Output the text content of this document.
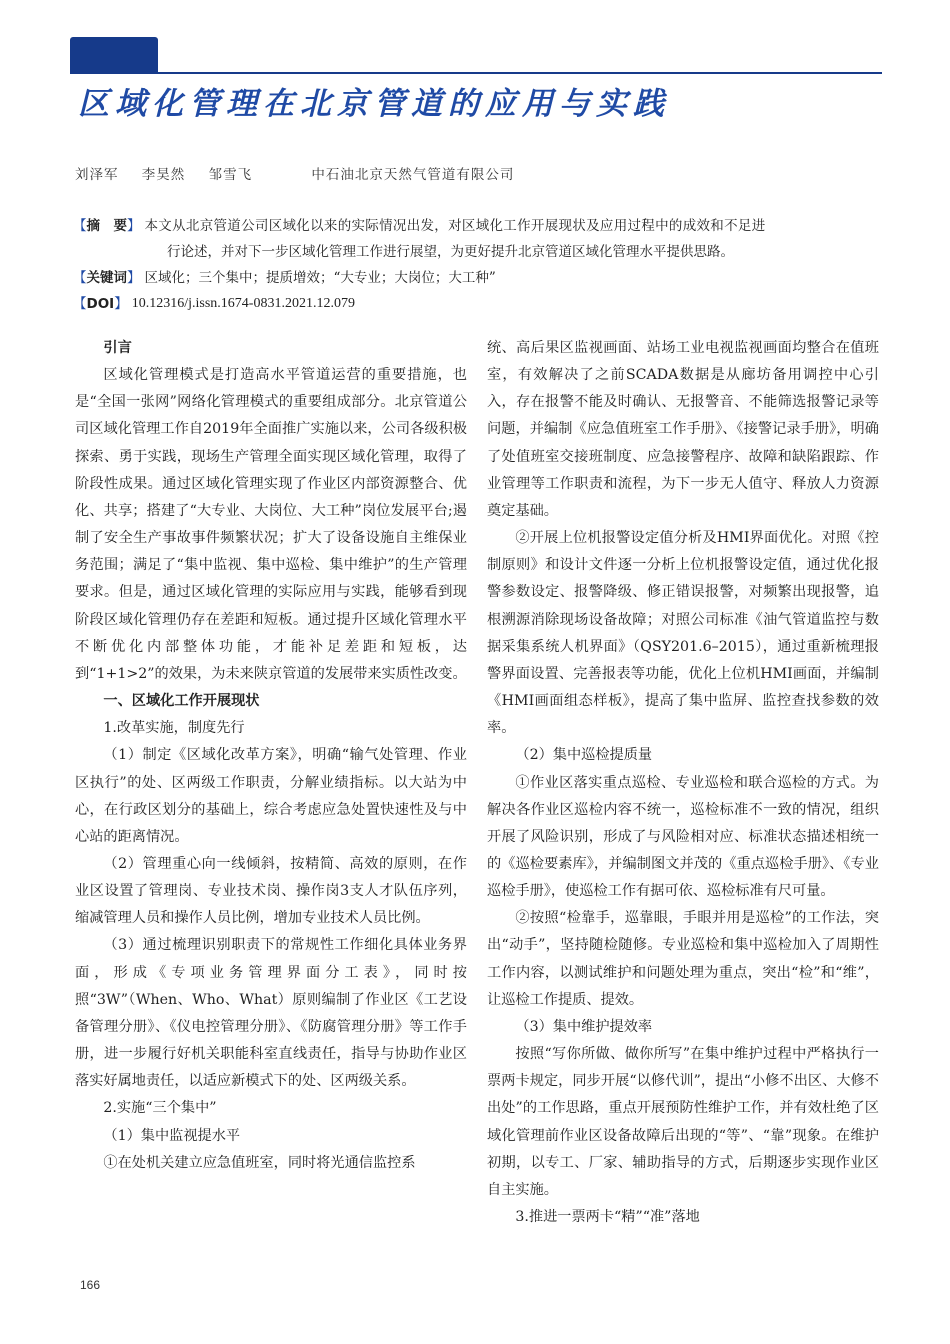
区域化管理在北京管道的应用与实践
刘泽军 李昊然 邹雪飞	中石油北京天然气管道有限公司
【摘　要】 本文从北京管道公司区域化以来的实际情况出发，对区域化工作开展现状及应用过程中的成效和不足进
行论述，并对下一步区域化管理工作进行展望，为更好提升北京管道区域化管理水平提供思路。
【关键词】 区域化；三个集中；提质增效；“大专业；大岗位；大工种”
【DOI】 10.12316/j.issn.1674-0831.2021.12.079
引言

区域化管理模式是打造高水平管道运营的重要措施，也是“全国一张网”网络化管理模式的重要组成部分。北京管道公司区域化管理工作自2019年全面推广实施以来，公司各级积极探索、勇于实践，现场生产管理全面实现区域化管理，取得了阶段性成果。通过区域化管理实现了作业区内部资源整合、优化、共享；搭建了“大专业、大岗位、大工种”岗位发展平台;遏制了安全生产事故事件频繁状况；扩大了设备设施自主维保业务范围；满足了“集中监视、集中巡检、集中维护”的生产管理要求。但是，通过区域化管理的实际应用与实践，能够看到现阶段区域化管理仍存在差距和短板。通过提升区域化管理水平不断优化内部整体功能，才能补足差距和短板，达到“1+1>2”的效果，为未来陕京管道的发展带来实质性改变。

一、区域化工作开展现状

1.改革实施，制度先行

（1）制定《区域化改革方案》，明确“输气处管理、作业区执行”的处、区两级工作职责，分解业绩指标。以大站为中心，在行政区划分的基础上，综合考虑应急处置快速性及与中心站的距离情况。

（2）管理重心向一线倾斜，按精简、高效的原则，在作业区设置了管理岗、专业技术岗、操作岗3支人才队伍序列，缩减管理人员和操作人员比例，增加专业技术人员比例。

（3）通过梳理识别职责下的常规性工作细化具体业务界面，形成《专项业务管理界面分工表》，同时按照“3W”（When、Who、What）原则编制了作业区《工艺设备管理分册》、《仪电控管理分册》、《防腐管理分册》等工作手册，进一步履行好机关职能科室直线责任，指导与协助作业区落实好属地责任，以适应新模式下的处、区两级关系。

2.实施“三个集中”

（1）集中监视提水平

①在处机关建立应急值班室，同时将光通信监控系

统、高后果区监视画面、站场工业电视监视画面均整合在值班室，有效解决了之前SCADA数据是从廊坊备用调控中心引入，存在报警不能及时确认、无报警音、不能筛选报警记录等问题，并编制《应急值班室工作手册》、《接警记录手册》，明确了处值班室交接班制度、应急接警程序、故障和缺陷跟踪、作业管理等工作职责和流程，为下一步无人值守、释放人力资源奠定基础。

②开展上位机报警设定值分析及HMI界面优化。对照《控制原则》和设计文件逐一分析上位机报警设定值，通过优化报警参数设定、报警降级、修正错误报警，对频繁出现报警，追根溯源消除现场设备故障；对照公司标准《油气管道监控与数据采集系统人机界面》（QSY201.6–2015），通过重新梳理报警界面设置、完善报表等功能，优化上位机HMI画面，并编制《HMI画面组态样板》，提高了集中监屏、监控查找参数的效率。

（2）集中巡检提质量

①作业区落实重点巡检、专业巡检和联合巡检的方式。为解决各作业区巡检内容不统一，巡检标准不一致的情况，组织开展了风险识别，形成了与风险相对应、标准状态描述相统一的《巡检要素库》，并编制图文并茂的《重点巡检手册》、《专业巡检手册》，使巡检工作有据可依、巡检标准有尺可量。

②按照“检靠手，巡靠眼，手眼并用是巡检”的工作法，突出“动手”，坚持随检随修。专业巡检和集中巡检加入了周期性工作内容，以测试维护和问题处理为重点，突出“检”和“维”，让巡检工作提质、提效。

（3）集中维护提效率

按照“写你所做、做你所写”在集中维护过程中严格执行一票两卡规定，同步开展“以修代训”，提出“小修不出区、大修不出处”的工作思路，重点开展预防性维护工作，并有效杜绝了区域化管理前作业区设备故障后出现的“等”、“靠”现象。在维护初期，以专工、厂家、辅助指导的方式，后期逐步实现作业区自主实施。

3.推进一票两卡“精”“准”落地

166
